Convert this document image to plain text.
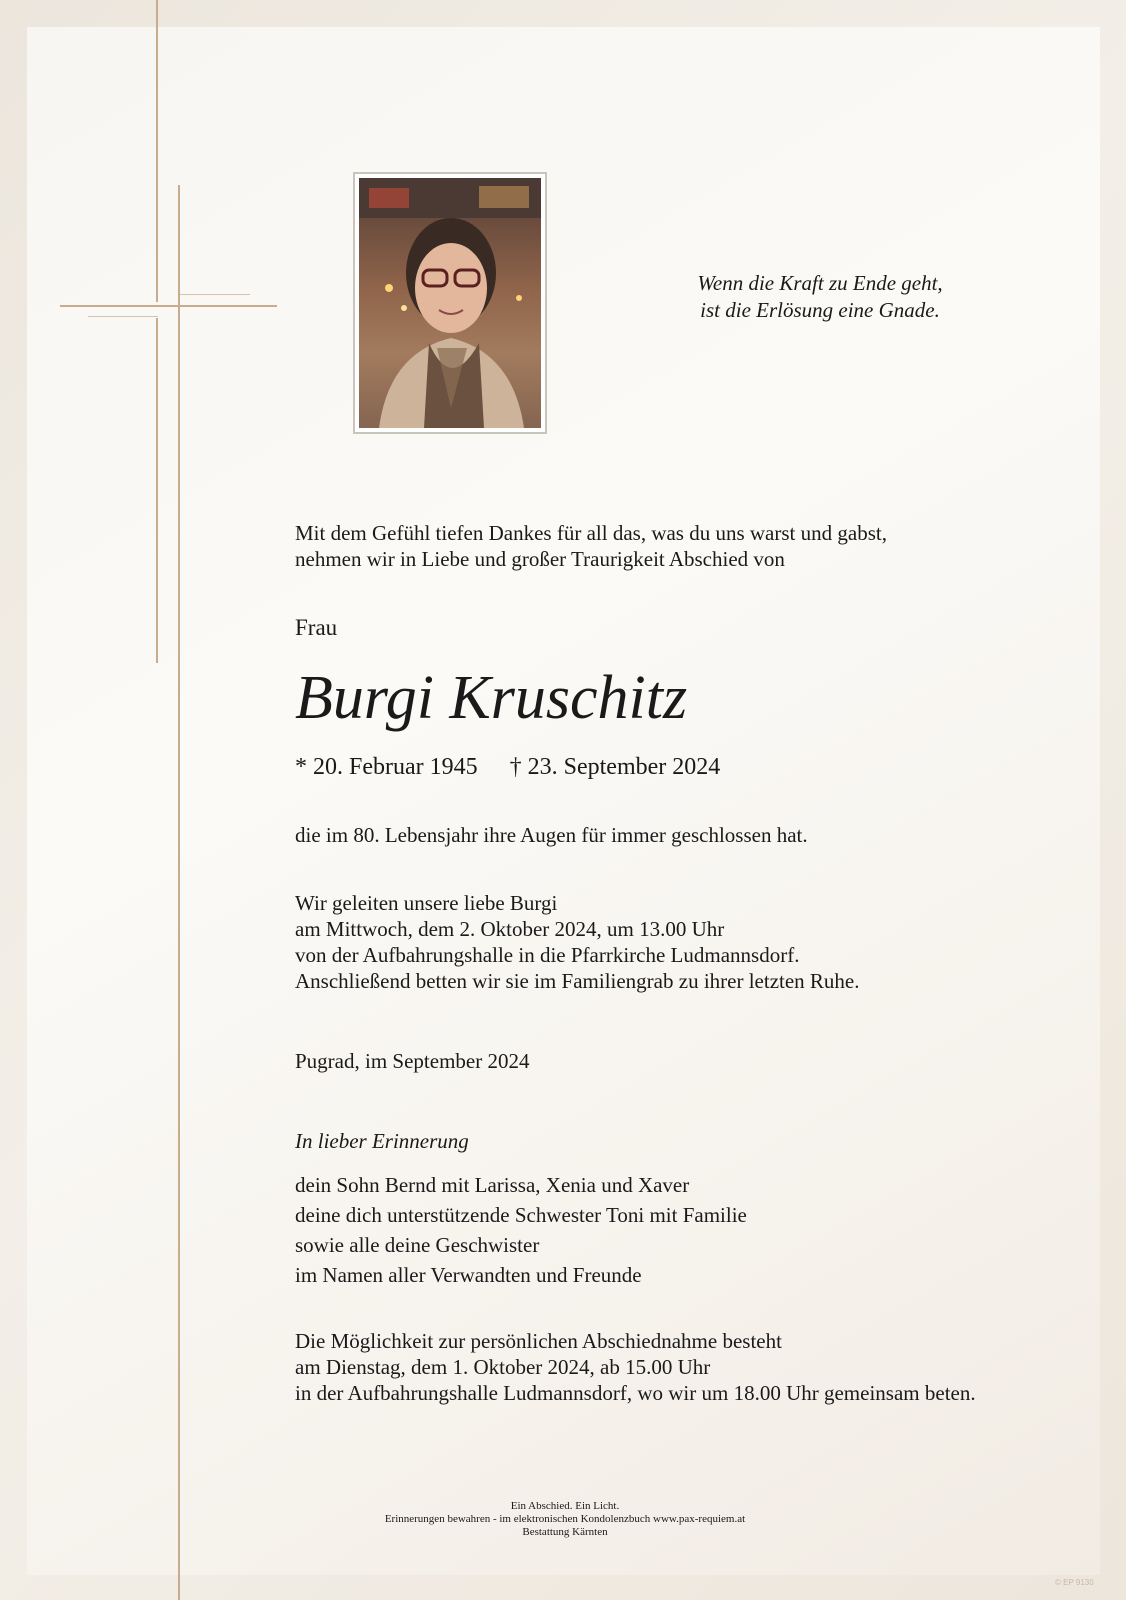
Wenn die Kraft zu Ende geht,
ist die Erlösung eine Gnade.
Mit dem Gefühl tiefen Dankes für all das, was du uns warst und gabst,
nehmen wir in Liebe und großer Traurigkeit Abschied von
Frau
Burgi Kruschitz
* 20. Februar 1945 † 23. September 2024
die im 80. Lebensjahr ihre Augen für immer geschlossen hat.
Wir geleiten unsere liebe Burgi
am Mittwoch, dem 2. Oktober 2024, um 13.00 Uhr
von der Aufbahrungshalle in die Pfarrkirche Ludmannsdorf.
Anschließend betten wir sie im Familiengrab zu ihrer letzten Ruhe.
Pugrad, im September 2024
In lieber Erinnerung
dein Sohn Bernd mit Larissa, Xenia und Xaver
deine dich unterstützende Schwester Toni mit Familie
sowie alle deine Geschwister
im Namen aller Verwandten und Freunde
Die Möglichkeit zur persönlichen Abschiednahme besteht
am Dienstag, dem 1. Oktober 2024, ab 15.00 Uhr
in der Aufbahrungshalle Ludmannsdorf, wo wir um 18.00 Uhr gemeinsam beten.
Ein Abschied. Ein Licht.
Erinnerungen bewahren - im elektronischen Kondolenzbuch www.pax-requiem.at
Bestattung Kärnten
© EP 9130
